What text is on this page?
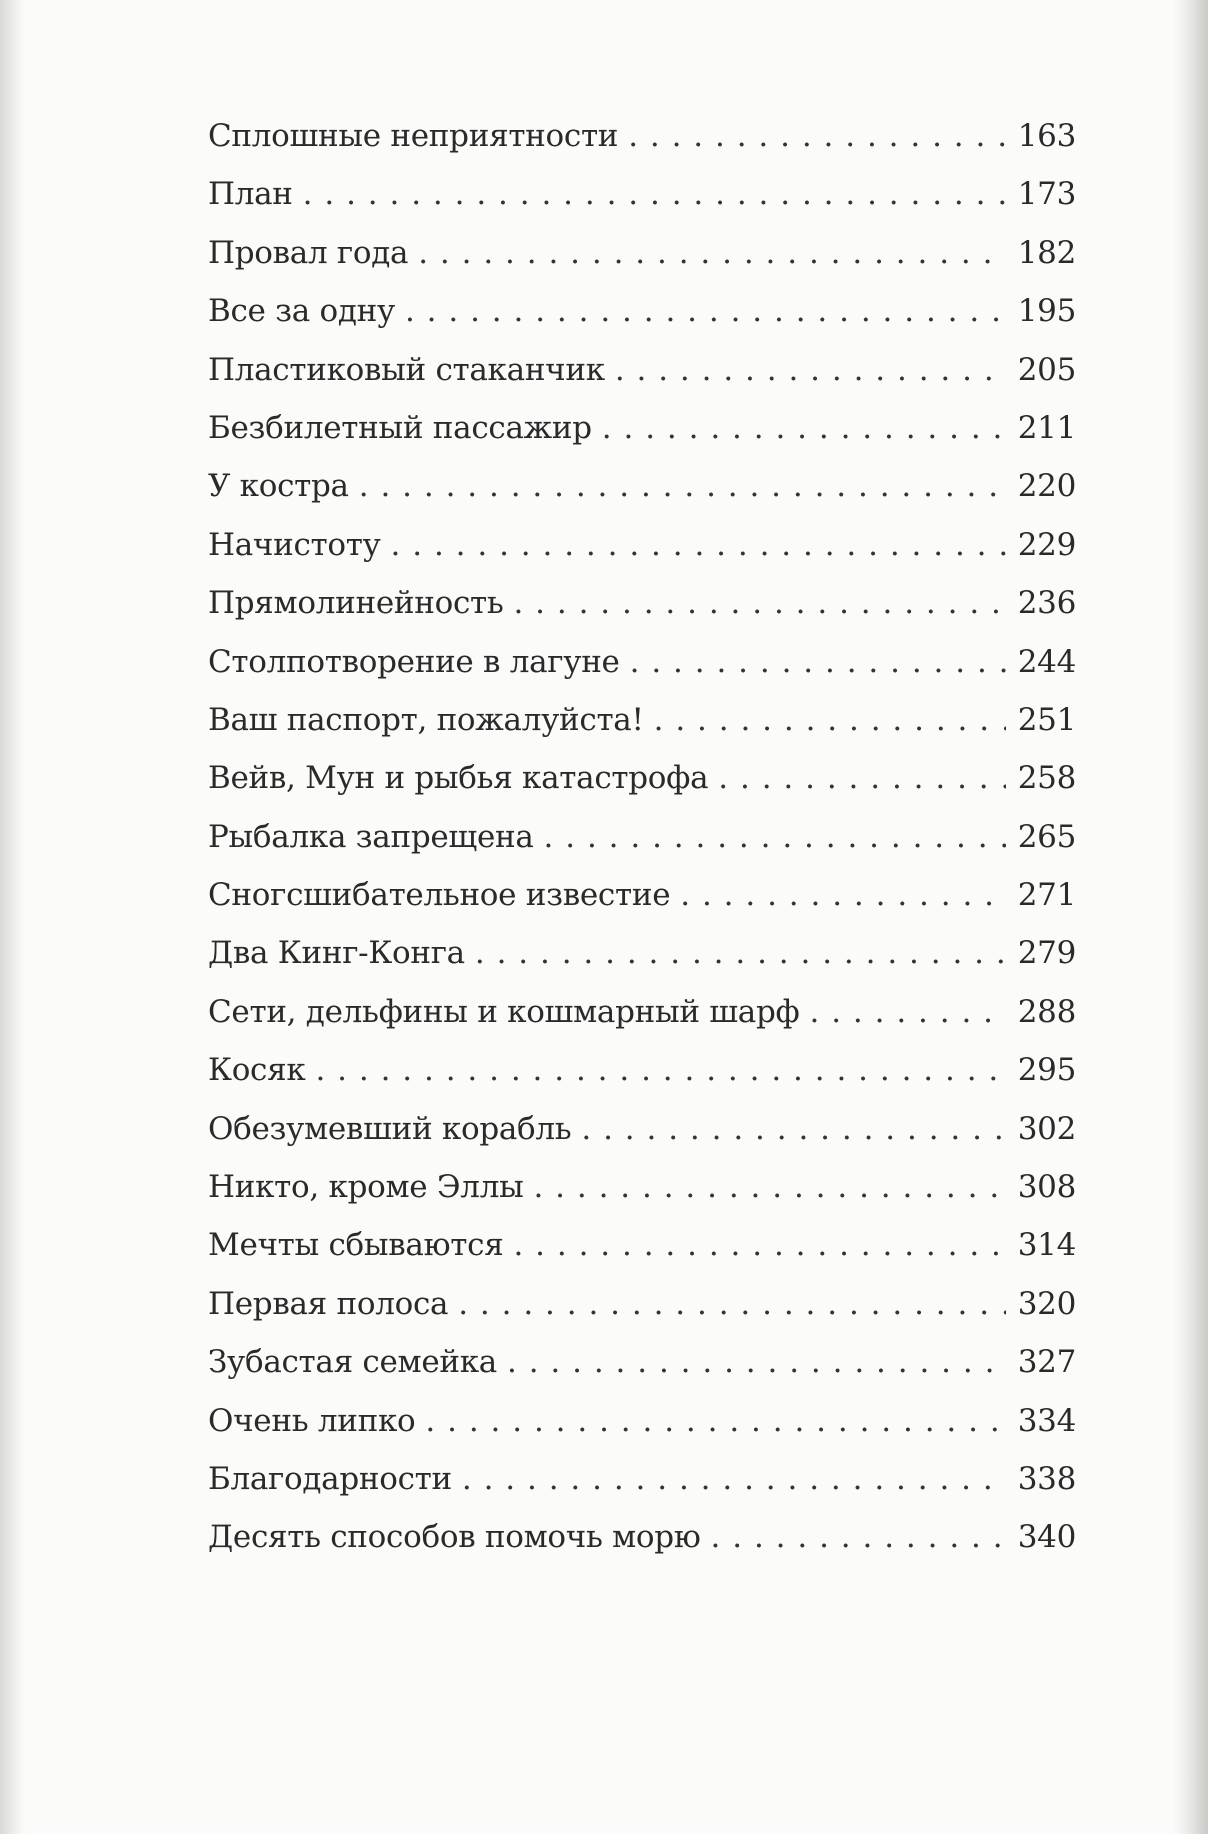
Сплошные неприятности . . .	163
План . . .	173
Провал года . . .	182
Все за одну . . .	195
Пластиковый стаканчик . . .	205
Безбилетный пассажир . . .	211
У костра . . .	220
Начистоту . . .	229
Прямолинейность . . .	236
Столпотворение в лагуне . . .	244
Ваш паспорт, пожалуйста! . . .	251
Вейв, Мун и рыбья катастрофа . . .	258
Рыбалка запрещена . . .	265
Сногсшибательное известие . . .	271
Два Кинг-Конга . . .	279
Сети, дельфины и кошмарный шарф . . .	288
Косяк . . .	295
Обезумевший корабль . . .	302
Никто, кроме Эллы . . .	308
Мечты сбываются . . .	314
Первая полоса . . .	320
Зубастая семейка . . .	327
Очень липко . . .	334
Благодарности . . .	338
Десять способов помочь морю . . .	340
